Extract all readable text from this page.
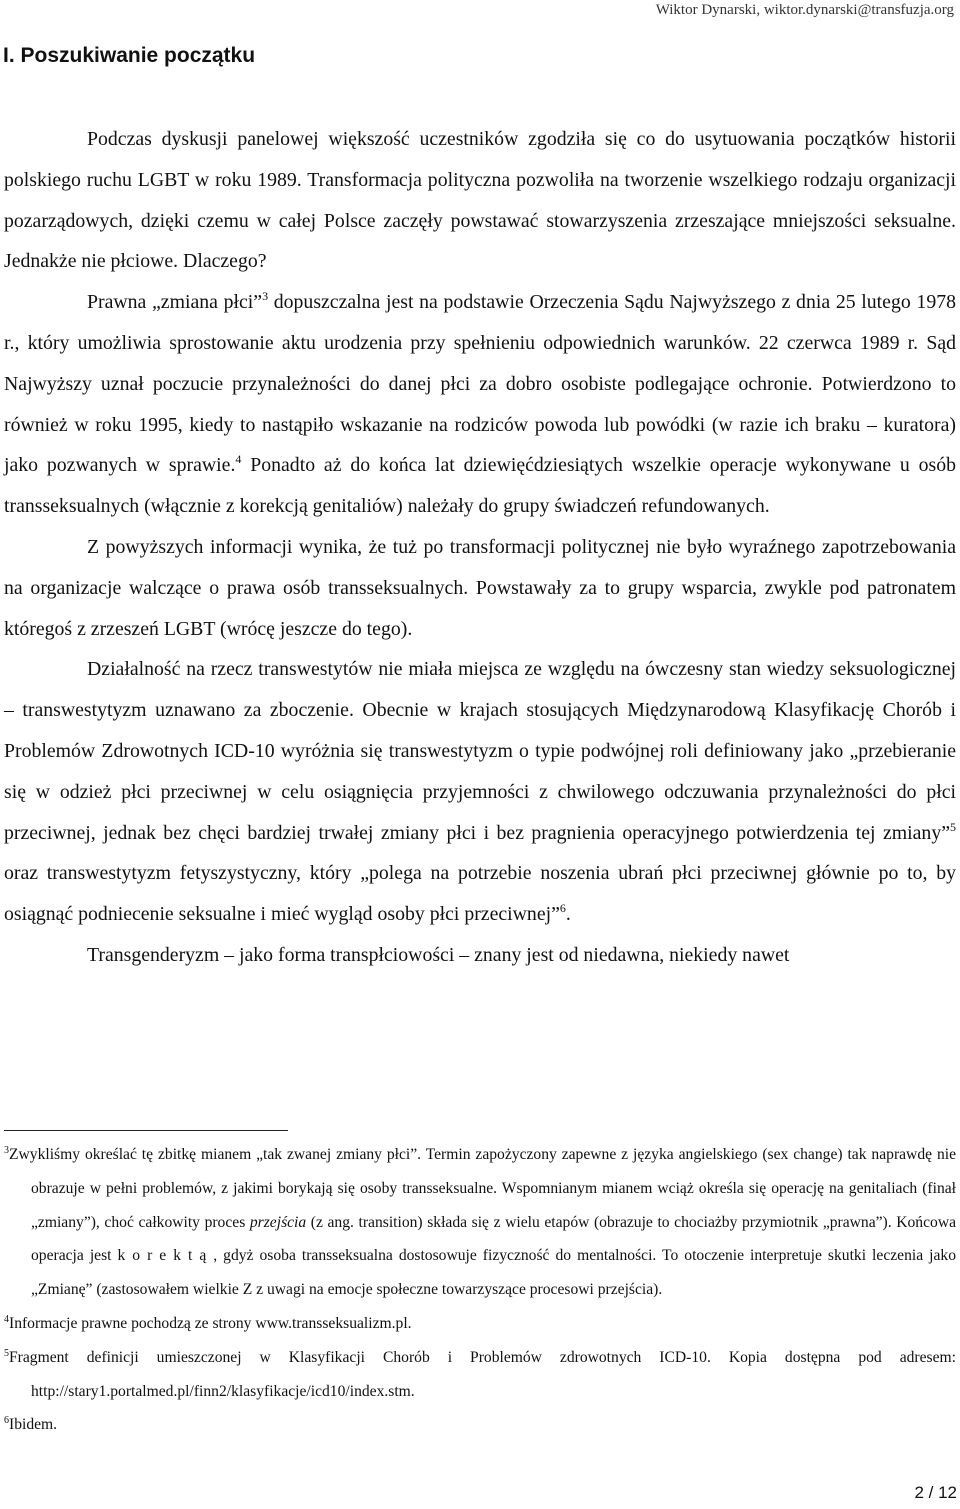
Wiktor Dynarski, wiktor.dynarski@transfuzja.org
I. Poszukiwanie początku

Podczas dyskusji panelowej większość uczestników zgodziła się co do usytuowania początków historii polskiego ruchu LGBT w roku 1989. Transformacja polityczna pozwoliła na tworzenie wszelkiego rodzaju organizacji pozarządowych, dzięki czemu w całej Polsce zaczęły powstawać stowarzyszenia zrzeszające mniejszości seksualne. Jednakże nie płciowe. Dlaczego?

Prawna „zmiana płci”$^3$ dopuszczalna jest na podstawie Orzeczenia Sądu Najwyższego z dnia 25 lutego 1978 r., który umożliwia sprostowanie aktu urodzenia przy spełnieniu odpowiednich warunków. 22 czerwca 1989 r. Sąd Najwyższy uznał poczucie przynależności do danej płci za dobro osobiste podlegające ochronie. Potwierdzono to również w roku 1995, kiedy to nastąpiło wskazanie na rodziców powoda lub powódki (w razie ich braku – kuratora) jako pozwanych w sprawie.$^4$ Ponadto aż do końca lat dziewięćdziesiątych wszelkie operacje wykonywane u osób transseksualnych (włącznie z korekcją genitaliów) należały do grupy świadczeń refundowanych.

Z powyższych informacji wynika, że tuż po transformacji politycznej nie było wyraźnego zapotrzebowania na organizacje walczące o prawa osób transseksualnych. Powstawały za to grupy wsparcia, zwykle pod patronatem któregoś z zrzeszeń LGBT (wrócę jeszcze do tego).

Działalność na rzecz transwestytów nie miała miejsca ze względu na ówczesny stan wiedzy seksuologicznej – transwestytyzm uznawano za zboczenie. Obecnie w krajach stosujących Międzynarodową Klasyfikację Chorób i Problemów Zdrowotnych ICD-10 wyróżnia się transwestytyzm o typie podwójnej roli definiowany jako „przebieranie się w odzież płci przeciwnej w celu osiągnięcia przyjemności z chwilowego odczuwania przynależności do płci przeciwnej, jednak bez chęci bardziej trwałej zmiany płci i bez pragnienia operacyjnego potwierdzenia tej zmiany”$^5$ oraz transwestytyzm fetyszystyczny, który „polega na potrzebie noszenia ubrań płci przeciwnej głównie po to, by osiągnąć podniecenie seksualne i mieć wygląd osoby płci przeciwnej”$^6$.

Transgenderyzm – jako forma transpłciowości – znany jest od niedawna, niekiedy nawet

$^3$Zwykliśmy określać tę zbitkę mianem „tak zwanej zmiany płci”. Termin zapożyczony zapewne z języka angielskiego (sex change) tak naprawdę nie obrazuje w pełni problemów, z jakimi borykają się osoby transseksualne. Wspomnianym mianem wciąż określa się operację na genitaliach (finał „zmiany”), choć całkowity proces przejścia (z ang. transition) składa się z wielu etapów (obrazuje to chociażby przymiotnik „prawna”). Końcowa operacja jest korektą, gdyż osoba transseksualna dostosowuje fizyczność do mentalności. To otoczenie interpretuje skutki leczenia jako „Zmianę” (zastosowałem wielkie Z z uwagi na emocje społeczne towarzyszące procesowi przejścia).

$^4$Informacje prawne pochodzą ze strony www.transseksualizm.pl.

$^5$Fragment definicji umieszczonej w Klasyfikacji Chorób i Problemów zdrowotnych ICD-10. Kopia dostępna pod adresem: http://stary1.portalmed.pl/finn2/klasyfikacje/icd10/index.stm.

$^6$Ibidem.

2 / 12
